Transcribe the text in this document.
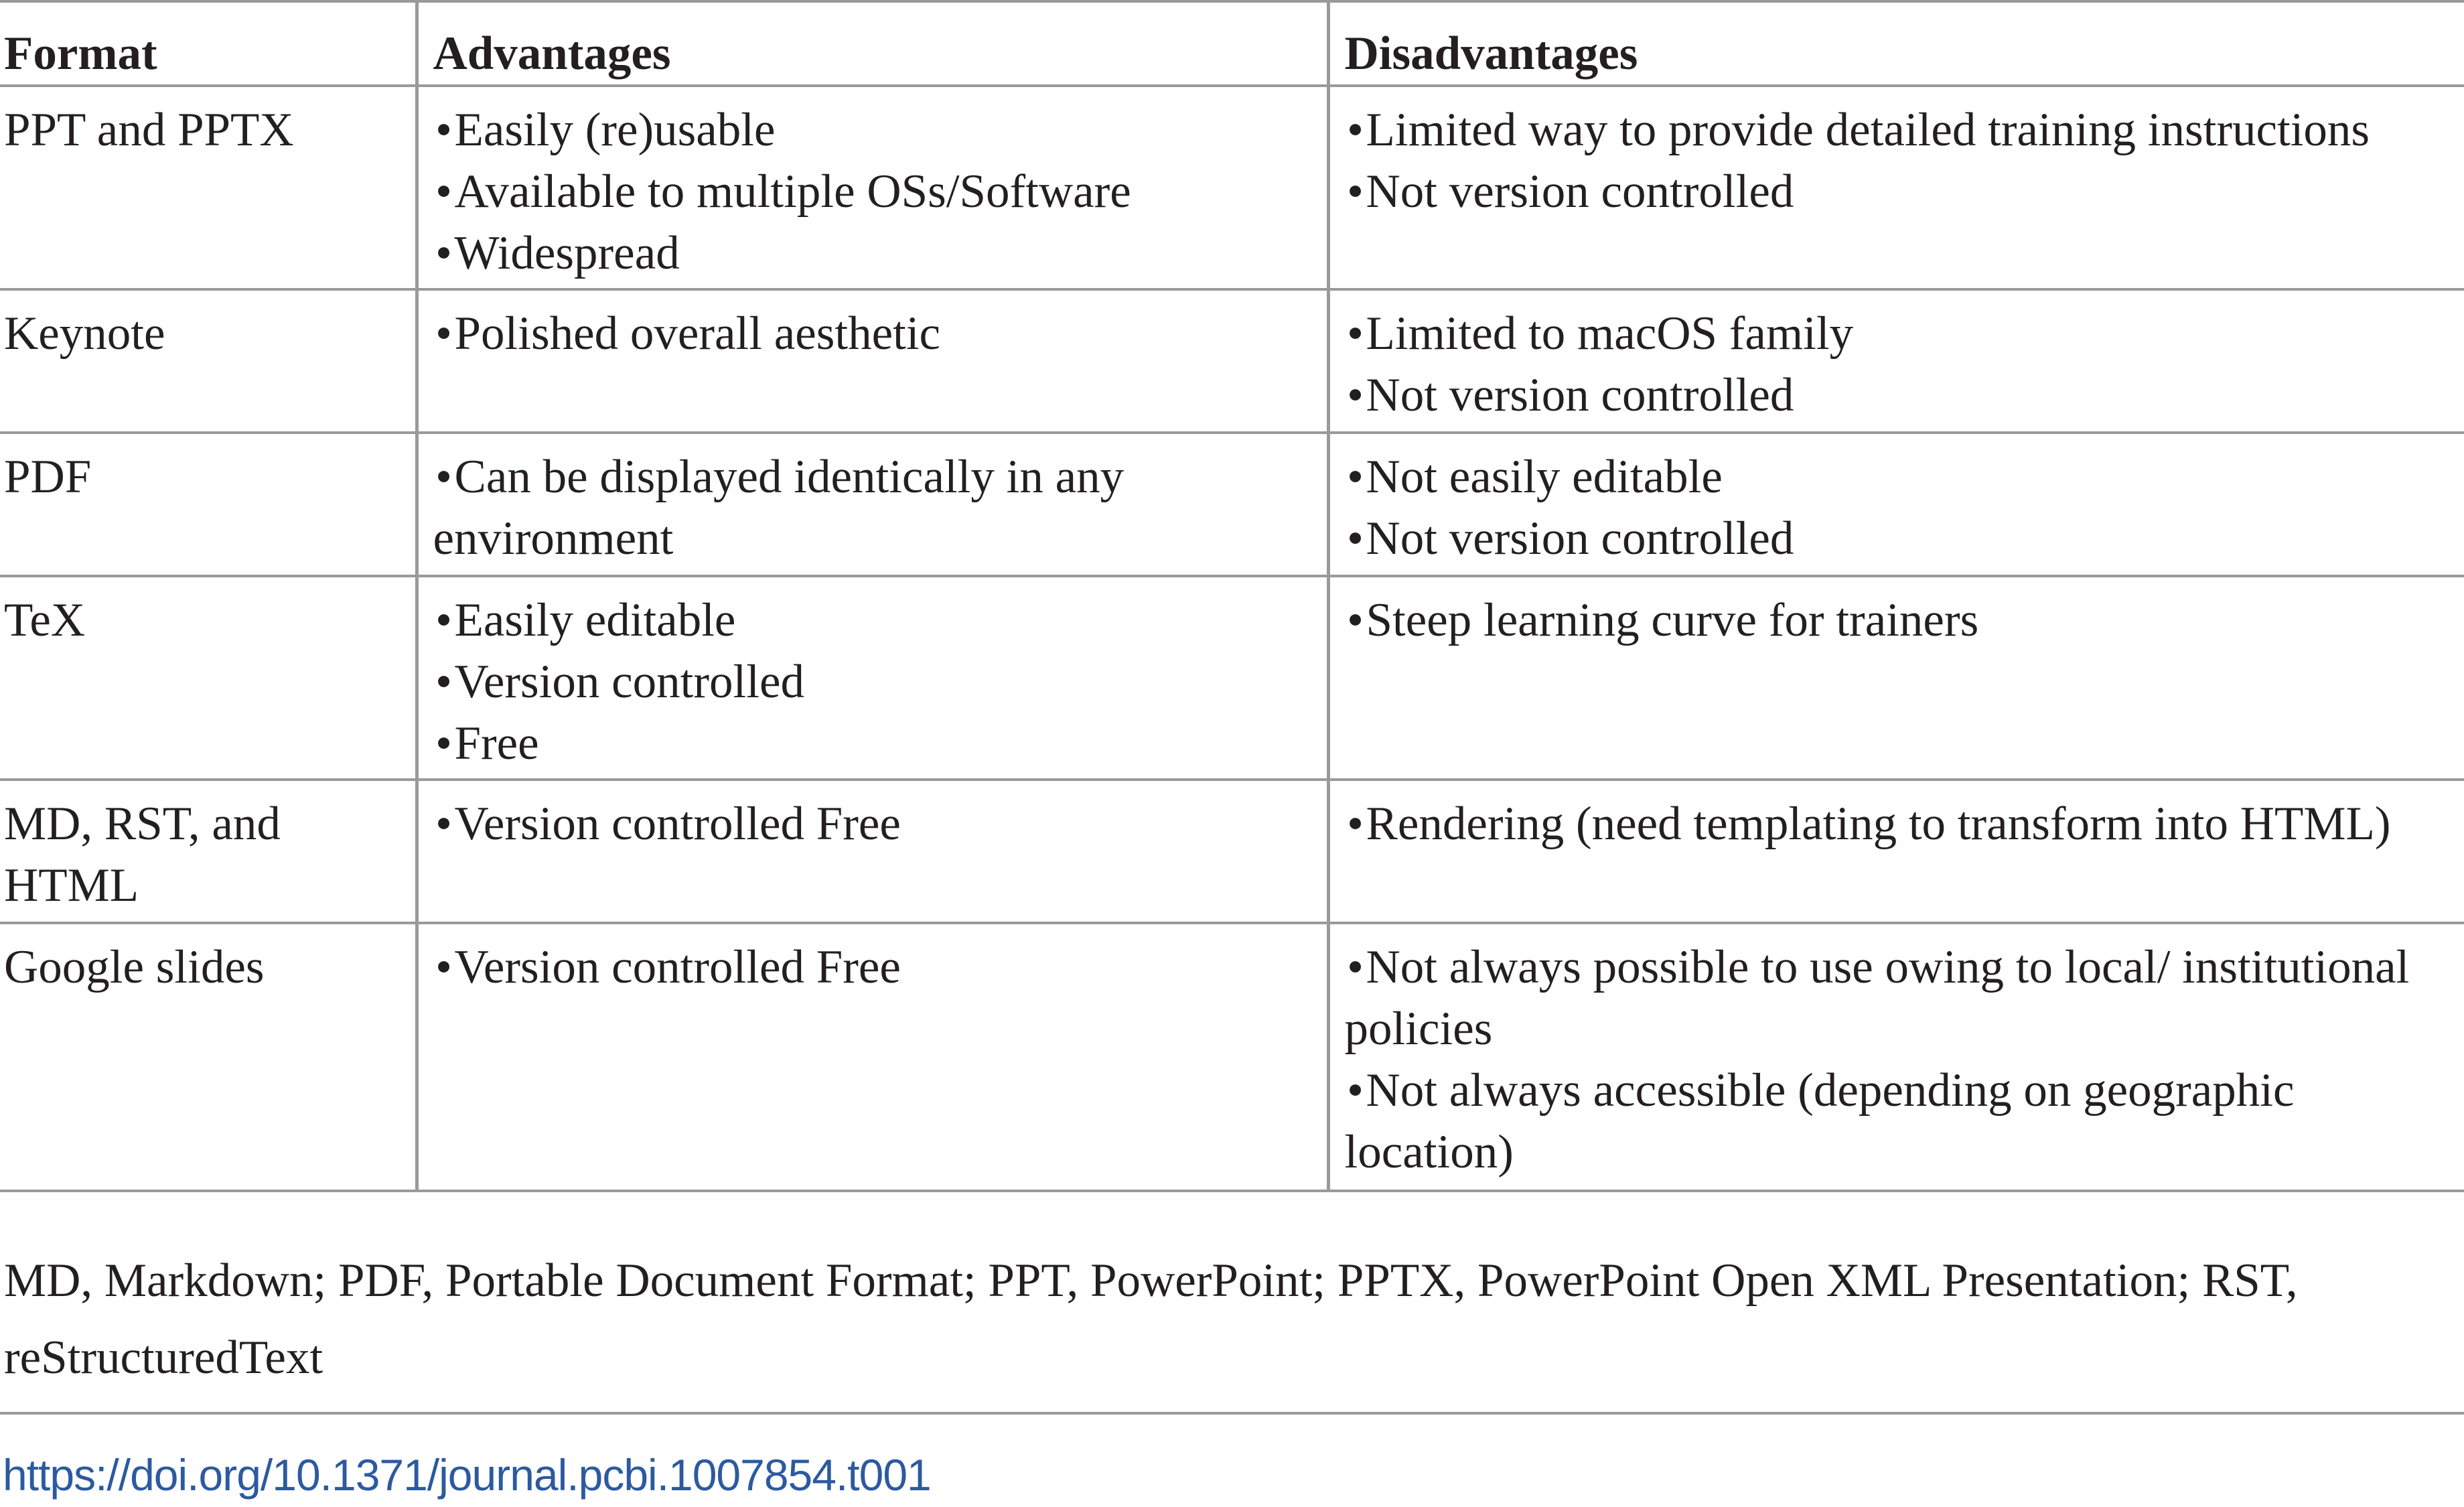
Format	Advantages	Disadvantages

PPT and PPTX	•Easily (re)usable
•Available to multiple OSs/Software
•Widespread	•Limited way to provide detailed training instructions
•Not version controlled

Keynote	•Polished overall aesthetic	•Limited to macOS family
•Not version controlled

PDF	•Can be displayed identically in any environment	•Not easily editable
•Not version controlled

TeX	•Easily editable
•Version controlled
•Free	•Steep learning curve for trainers

MD, RST, and HTML	•Version controlled Free	•Rendering (need templating to transform into HTML)

Google slides	•Version controlled Free	•Not always possible to use owing to local/ institutional policies
•Not always accessible (depending on geographic location)

MD, Markdown; PDF, Portable Document Format; PPT, PowerPoint; PPTX, PowerPoint Open XML Presentation; RST, reStructuredText

https://doi.org/10.1371/journal.pcbi.1007854.t001
